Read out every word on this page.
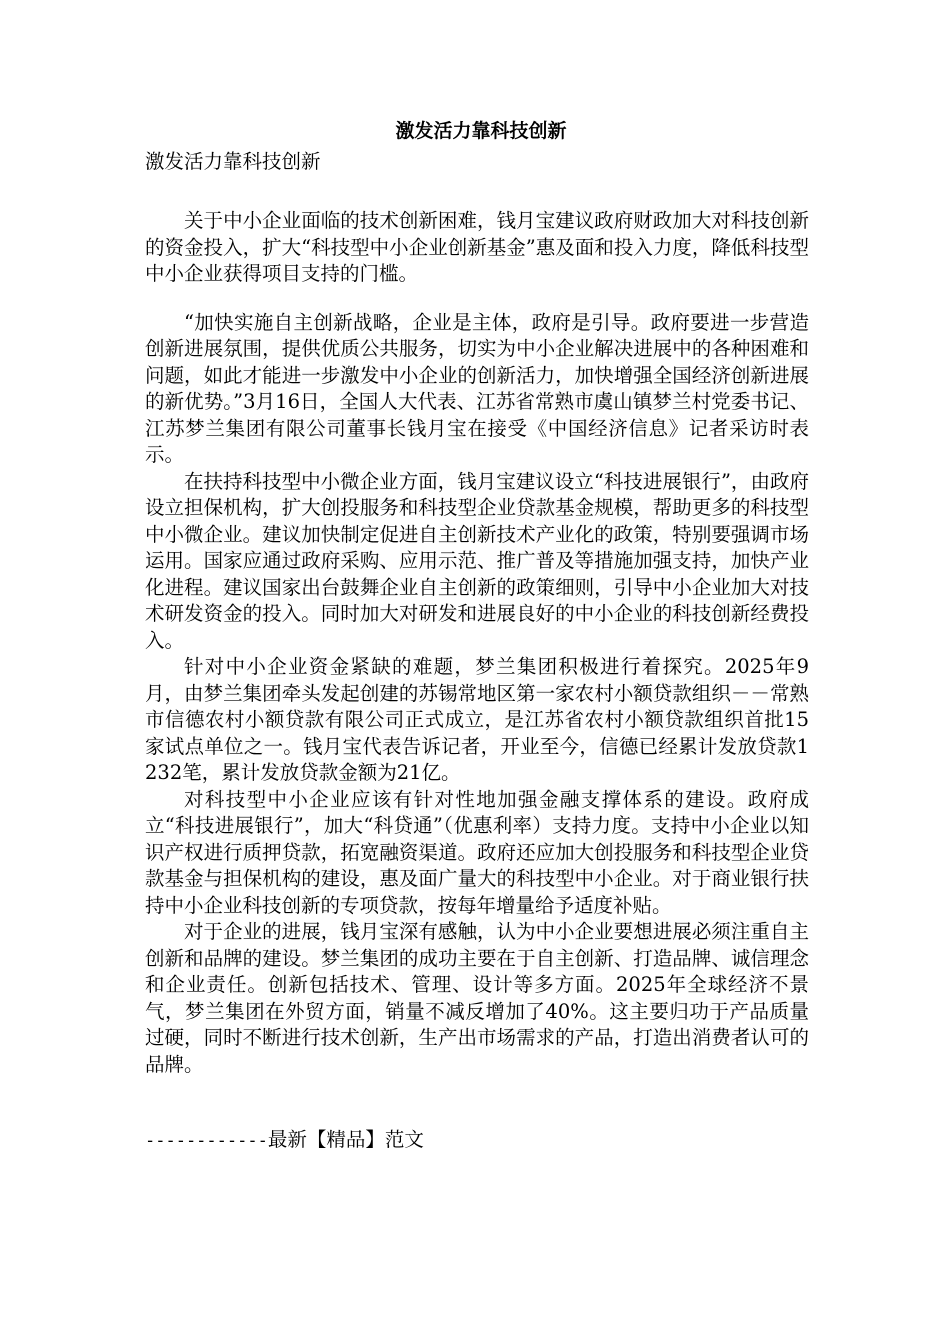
激发活力靠科技创新

激发活力靠科技创新

关于中小企业面临的技术创新困难，钱月宝建议政府财政加大对科技创新的资金投入，扩大“科技型中小企业创新基金”惠及面和投入力度，降低科技型中小企业获得项目支持的门槛。

“加快实施自主创新战略，企业是主体，政府是引导。政府要进一步营造创新进展氛围，提供优质公共服务，切实为中小企业解决进展中的各种困难和问题，如此才能进一步激发中小企业的创新活力，加快增强全国经济创新进展的新优势。”3月16日，全国人大代表、江苏省常熟市虞山镇梦兰村党委书记、江苏梦兰集团有限公司董事长钱月宝在接受《中国经济信息》记者采访时表示。

在扶持科技型中小微企业方面，钱月宝建议设立“科技进展银行”，由政府设立担保机构，扩大创投服务和科技型企业贷款基金规模，帮助更多的科技型中小微企业。建议加快制定促进自主创新技术产业化的政策，特别要强调市场运用。国家应通过政府采购、应用示范、推广普及等措施加强支持，加快产业化进程。建议国家出台鼓舞企业自主创新的政策细则，引导中小企业加大对技术研发资金的投入。同时加大对研发和进展良好的中小企业的科技创新经费投入。

针对中小企业资金紧缺的难题，梦兰集团积极进行着探究。2025年9月，由梦兰集团牵头发起创建的苏锡常地区第一家农村小额贷款组织－－常熟市信德农村小额贷款有限公司正式成立，是江苏省农村小额贷款组织首批15家试点单位之一。钱月宝代表告诉记者，开业至今，信德已经累计发放贷款1232笔，累计发放贷款金额为21亿。

对科技型中小企业应该有针对性地加强金融支撑体系的建设。政府成立“科技进展银行”，加大“科贷通”（优惠利率）支持力度。支持中小企业以知识产权进行质押贷款，拓宽融资渠道。政府还应加大创投服务和科技型企业贷款基金与担保机构的建设，惠及面广量大的科技型中小企业。对于商业银行扶持中小企业科技创新的专项贷款，按每年增量给予适度补贴。

对于企业的进展，钱月宝深有感触，认为中小企业要想进展必须注重自主创新和品牌的建设。梦兰集团的成功主要在于自主创新、打造品牌、诚信理念和企业责任。创新包括技术、管理、设计等多方面。2025年全球经济不景气，梦兰集团在外贸方面，销量不减反增加了40%。这主要归功于产品质量过硬，同时不断进行技术创新，生产出市场需求的产品，打造出消费者认可的品牌。

------------最新【精品】范文
